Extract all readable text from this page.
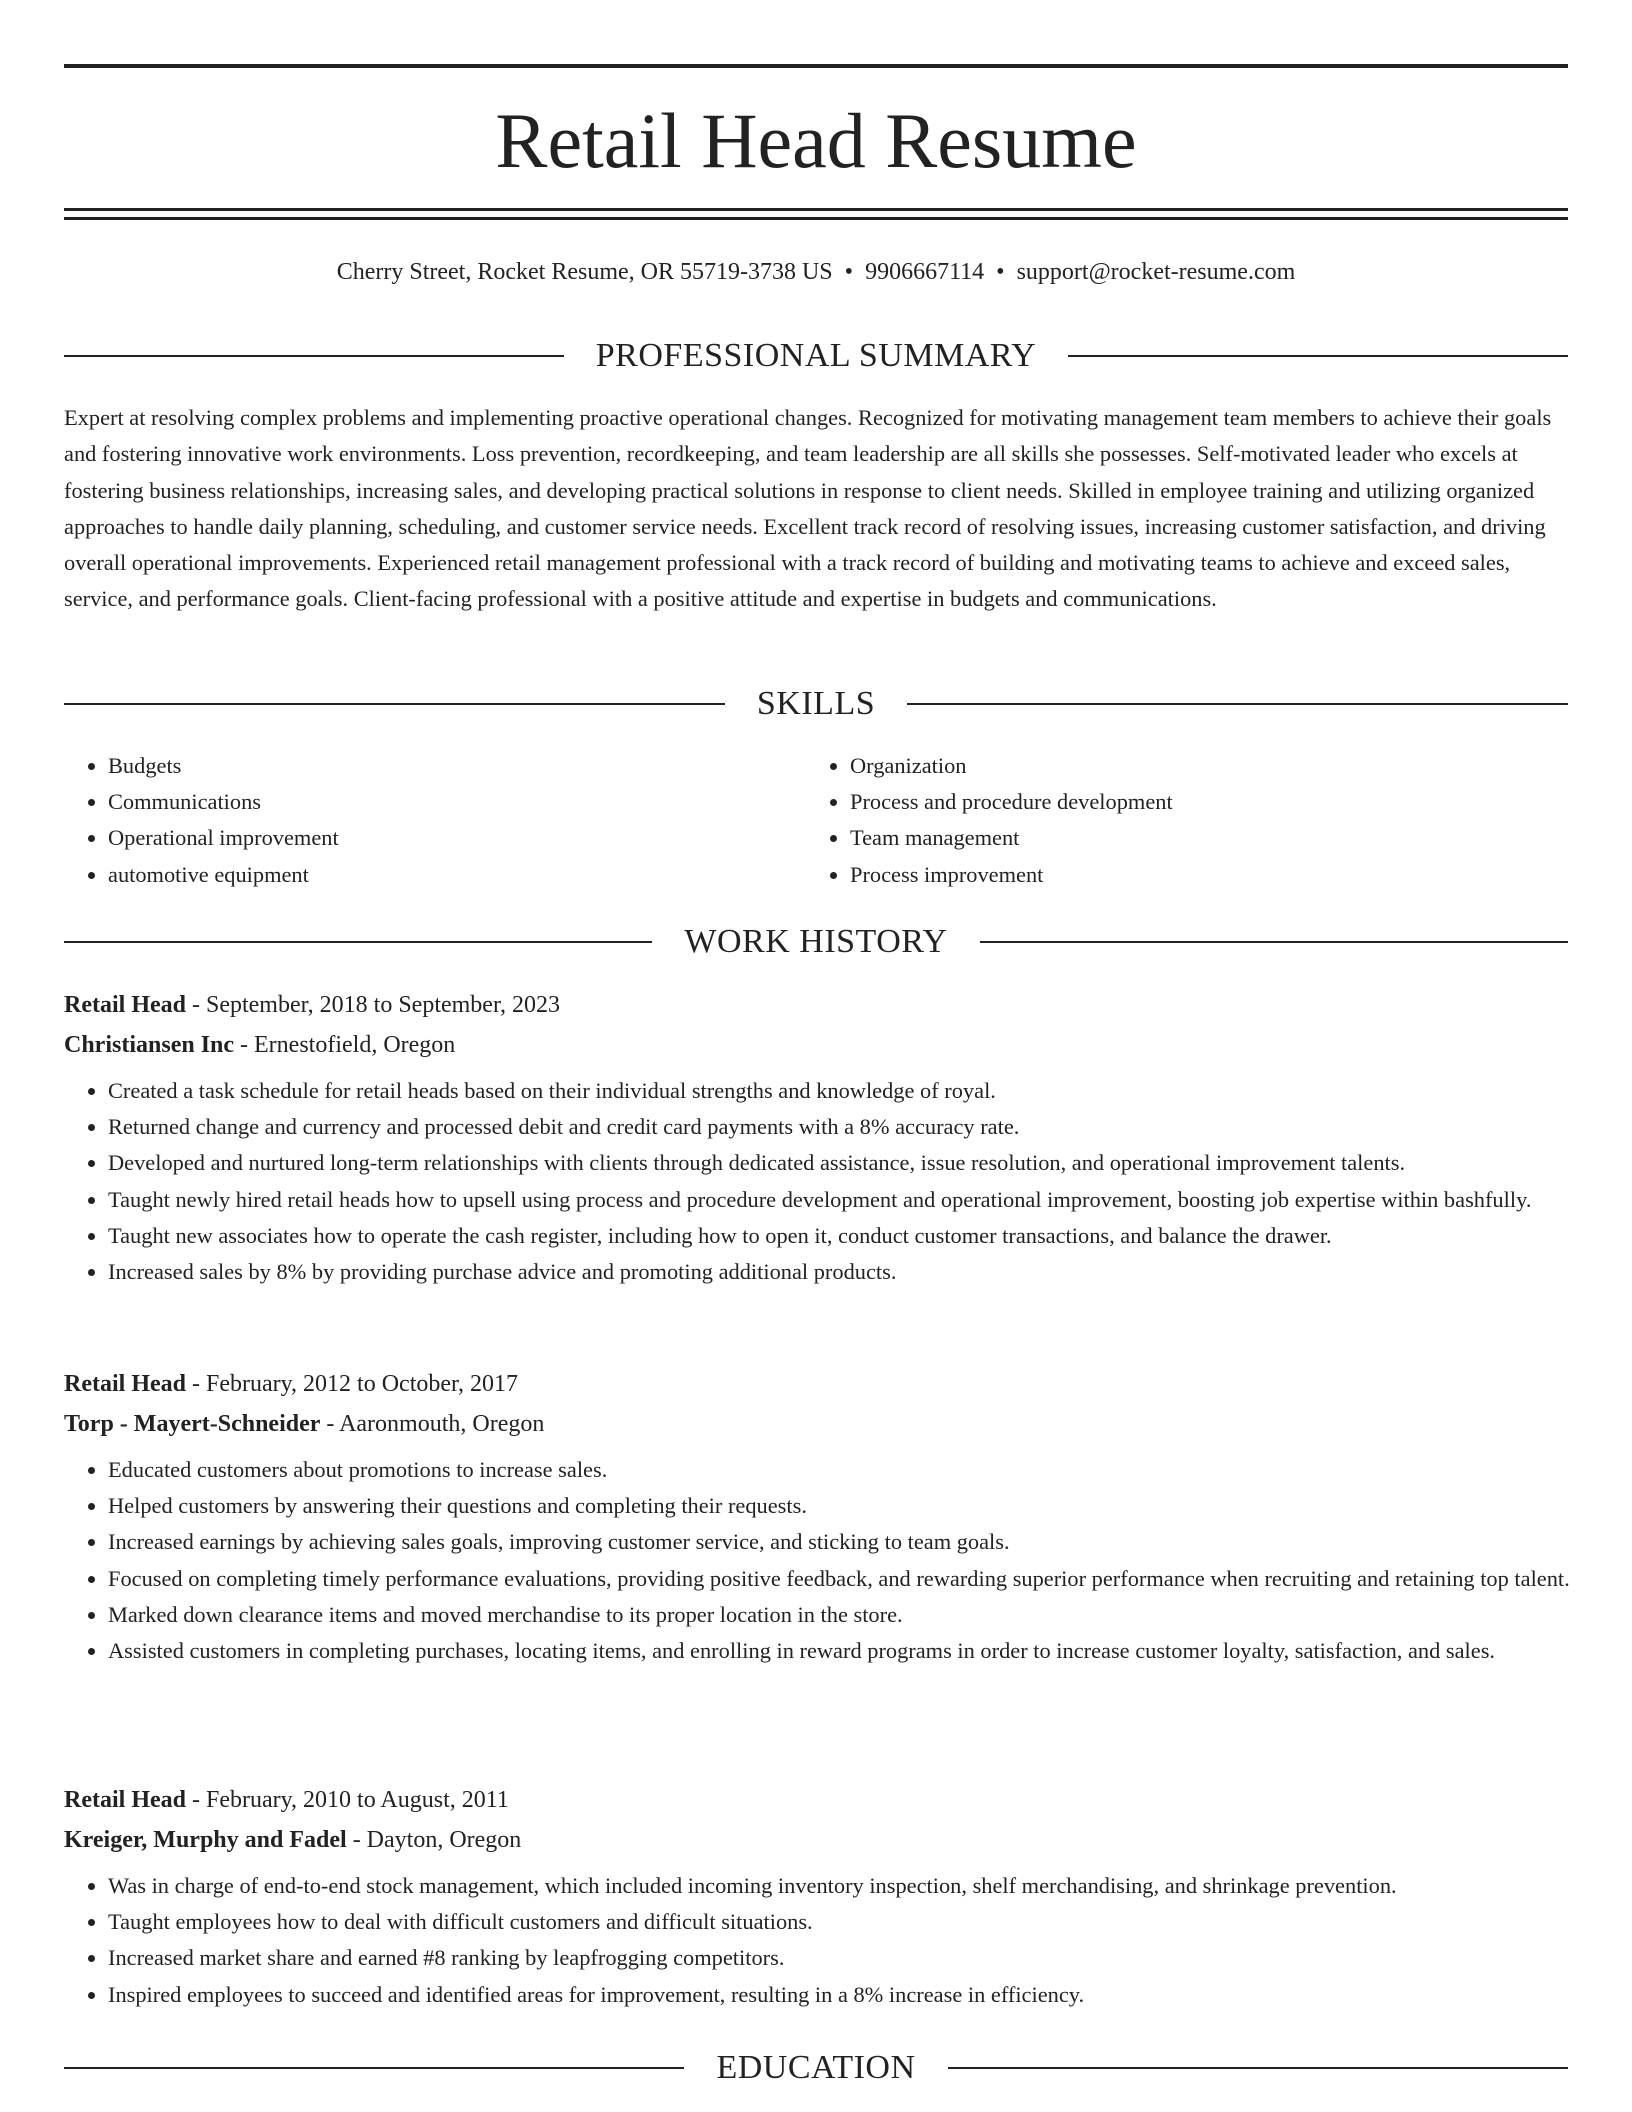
Retail Head Resume
Cherry Street, Rocket Resume, OR 55719-3738 US • 9906667114 • support@rocket-resume.com
PROFESSIONAL SUMMARY

Expert at resolving complex problems and implementing proactive operational changes. Recognized for motivating management team members to achieve their goals and fostering innovative work environments. Loss prevention, recordkeeping, and team leadership are all skills she possesses. Self-motivated leader who excels at fostering business relationships, increasing sales, and developing practical solutions in response to client needs. Skilled in employee training and utilizing organized approaches to handle daily planning, scheduling, and customer service needs. Excellent track record of resolving issues, increasing customer satisfaction, and driving overall operational improvements. Experienced retail management professional with a track record of building and motivating teams to achieve and exceed sales, service, and performance goals. Client-facing professional with a positive attitude and expertise in budgets and communications.

SKILLS
• Budgets
• Communications
• Operational improvement
• automotive equipment
• Organization
• Process and procedure development
• Team management
• Process improvement
WORK HISTORY
Retail Head - September, 2018 to September, 2023
Christiansen Inc - Ernestofield, Oregon
• Created a task schedule for retail heads based on their individual strengths and knowledge of royal.
• Returned change and currency and processed debit and credit card payments with a 8% accuracy rate.
• Developed and nurtured long-term relationships with clients through dedicated assistance, issue resolution, and operational improvement talents.
• Taught newly hired retail heads how to upsell using process and procedure development and operational improvement, boosting job expertise within bashfully.
• Taught new associates how to operate the cash register, including how to open it, conduct customer transactions, and balance the drawer.
• Increased sales by 8% by providing purchase advice and promoting additional products.
Retail Head - February, 2012 to October, 2017
Torp - Mayert-Schneider - Aaronmouth, Oregon
• Educated customers about promotions to increase sales.
• Helped customers by answering their questions and completing their requests.
• Increased earnings by achieving sales goals, improving customer service, and sticking to team goals.
• Focused on completing timely performance evaluations, providing positive feedback, and rewarding superior performance when recruiting and retaining top talent.
• Marked down clearance items and moved merchandise to its proper location in the store.
• Assisted customers in completing purchases, locating items, and enrolling in reward programs in order to increase customer loyalty, satisfaction, and sales.
Retail Head - February, 2010 to August, 2011
Kreiger, Murphy and Fadel - Dayton, Oregon
• Was in charge of end-to-end stock management, which included incoming inventory inspection, shelf merchandising, and shrinkage prevention.
• Taught employees how to deal with difficult customers and difficult situations.
• Increased market share and earned #8 ranking by leapfrogging competitors.
• Inspired employees to succeed and identified areas for improvement, resulting in a 8% increase in efficiency.
EDUCATION
